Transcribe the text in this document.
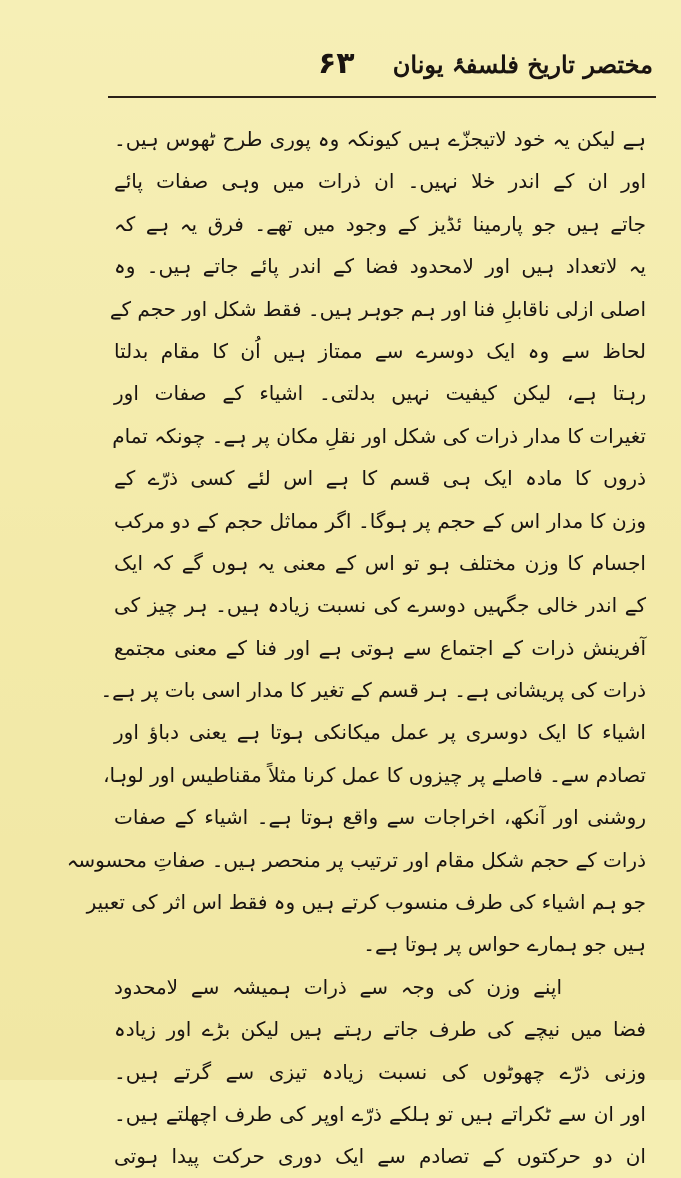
مختصر تاریخ فلسفۂ یونان
۶۳
ہے لیکن یہ خود لاتیجزّے ہیں کیونکہ وہ پوری طرح ٹھوس ہیں۔
اور ان کے اندر خلا نہیں۔ ان ذرات میں وہی صفات پائے
جاتے ہیں جو پارمینا ئڈیز کے وجود میں تھے۔ فرق یہ ہے کہ
یہ لاتعداد ہیں اور لامحدود فضا کے اندر پائے جاتے ہیں۔ وہ
اصلی ازلی ناقابلِ فنا اور ہم جوہر ہیں۔ فقط شکل اور حجم کے
لحاظ سے وہ ایک دوسرے سے ممتاز ہیں اُن کا مقام بدلتا
رہتا ہے، لیکن کیفیت نہیں بدلتی۔ اشیاء کے صفات اور
تغیرات کا مدار ذرات کی شکل اور نقلِ مکان پر ہے۔ چونکہ تمام
ذروں کا مادہ ایک ہی قسم کا ہے اس لئے کسی ذرّے کے
وزن کا مدار اس کے حجم پر ہوگا۔ اگر مماثل حجم کے دو مرکب
اجسام کا وزن مختلف ہو تو اس کے معنی یہ ہوں گے کہ ایک
کے اندر خالی جگہیں دوسرے کی نسبت زیادہ ہیں۔ ہر چیز کی
آفرینش ذرات کے اجتماع سے ہوتی ہے اور فنا کے معنی مجتمع
ذرات کی پریشانی ہے۔ ہر قسم کے تغیر کا مدار اسی بات پر ہے۔
اشیاء کا ایک دوسری پر عمل میکانکی ہوتا ہے یعنی دباؤ اور
تصادم سے۔ فاصلے پر چیزوں کا عمل کرنا مثلاً مقناطیس اور لوہا،
روشنی اور آنکھ، اخراجات سے واقع ہوتا ہے۔ اشیاء کے صفات
ذرات کے حجم شکل مقام اور ترتیب پر منحصر ہیں۔ صفاتِ محسوسہ
جو ہم اشیاء کی طرف منسوب کرتے ہیں وہ فقط اس اثر کی تعبیر
ہیں جو ہمارے حواس پر ہوتا ہے۔
اپنے وزن کی وجہ سے ذرات ہمیشہ سے لامحدود
فضا میں نیچے کی طرف جاتے رہتے ہیں لیکن بڑے اور زیادہ
وزنی ذرّے چھوٹوں کی نسبت زیادہ تیزی سے گرتے ہیں۔
اور ان سے ٹکراتے ہیں تو ہلکے ذرّے اوپر کی طرف اچھلتے ہیں۔
ان دو حرکتوں کے تصادم سے ایک دوری حرکت پیدا ہوتی
